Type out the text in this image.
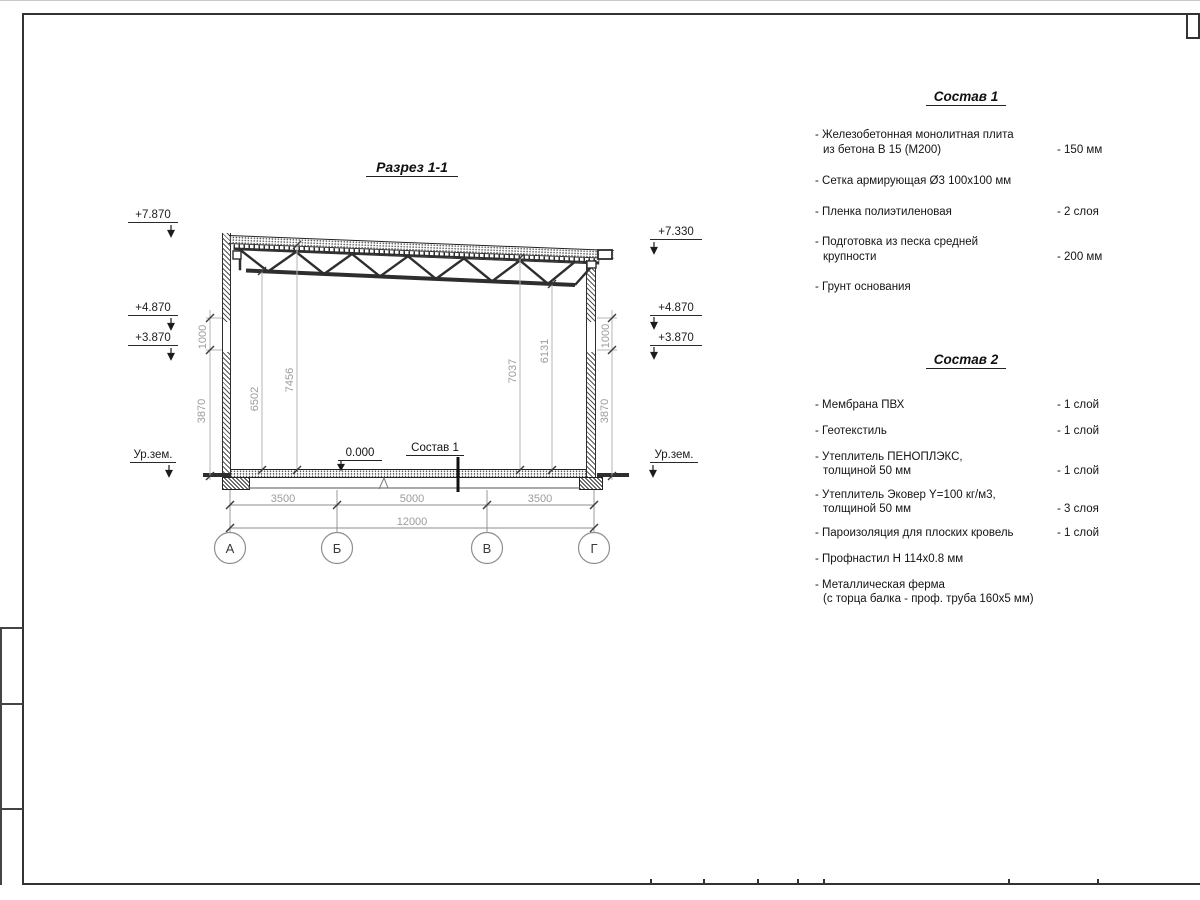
Разрез 1-1
+7.870
+4.870
+3.870
Ур.зем.
+7.330
+4.870
+3.870
Ур.зем.
0.000	Состав 1
6502
7456	7037
6131
1000
3870
1000
3870
3500	5000	3500
12000
А	Б	В	Г
Состав 1
- Железобетонная монолитная плита
из бетона В 15 (М200)	- 150 мм
- Сетка армирующая Ø3 100х100 мм
- Пленка полиэтиленовая	- 2 слоя
- Подготовка из песка средней
крупности	- 200 мм
- Грунт основания
Состав 2
- Мембрана ПВХ	- 1 слой
- Геотекстиль	- 1 слой
- Утеплитель ПЕНОПЛЭКС,
толщиной 50 мм	- 1 слой
- Утеплитель Эковер Y=100 кг/м3,
толщиной 50 мм	- 3 слоя
- Пароизоляция для плоских кровель	- 1 слой
- Профнастил Н 114х0.8 мм
- Металлическая ферма
(с торца балка - проф. труба 160х5 мм)
